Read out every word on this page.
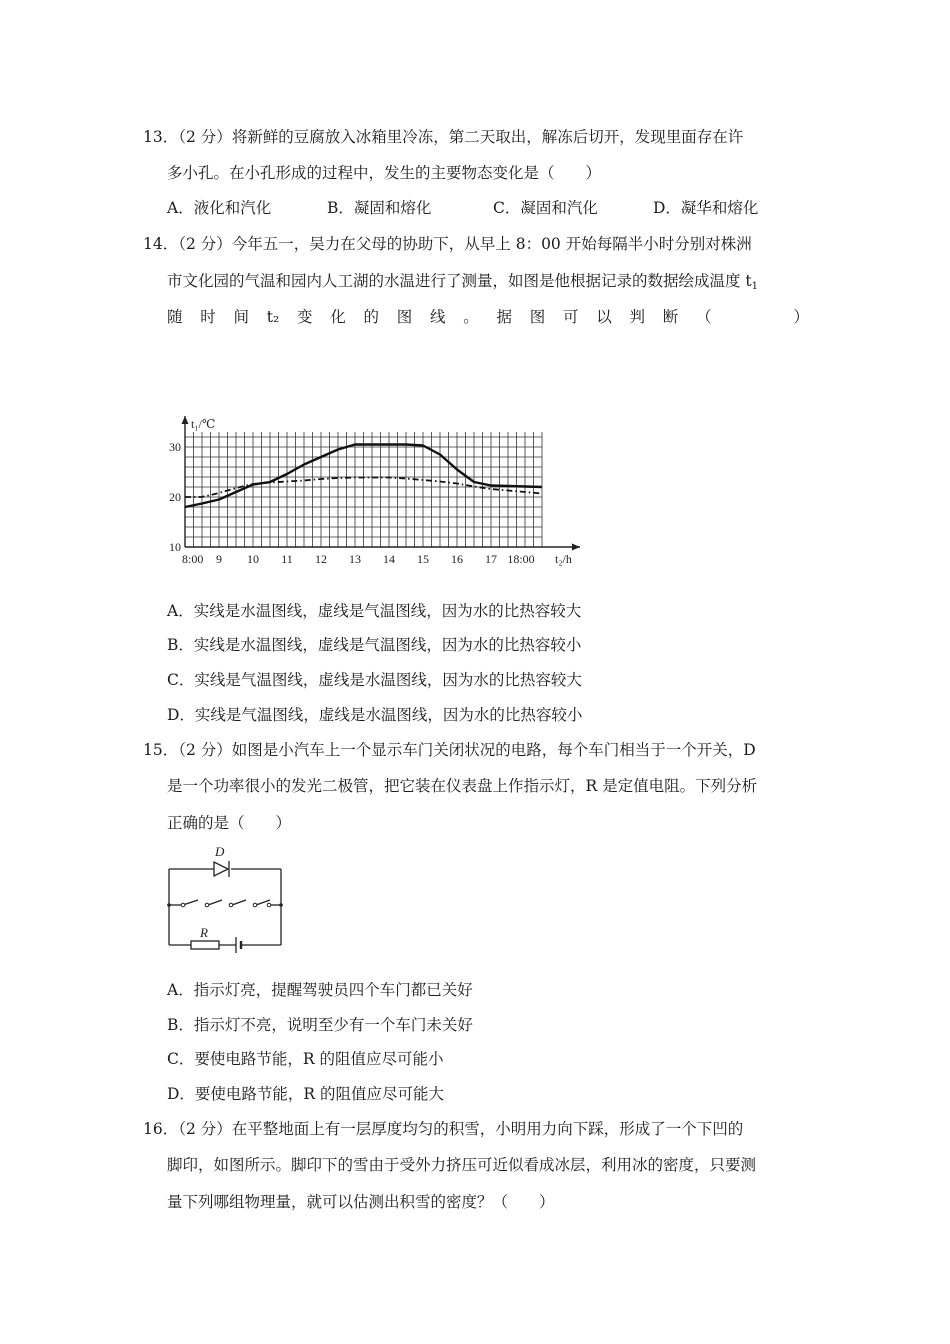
13．（2 分）将新鲜的豆腐放入冰箱里冷冻，第二天取出，解冻后切开，发现里面存在许
多小孔。在小孔形成的过程中，发生的主要物态变化是（　　）
A．液化和汽化	B．凝固和熔化	C．凝固和汽化	D．凝华和熔化
14．（2 分）今年五一，吴力在父母的协助下，从早上 8：00 开始每隔半小时分别对株洲
市文化园的气温和园内人工湖的水温进行了测量，如图是他根据记录的数据绘成温度 $t_1$
随 时 间 t₂ 变 化 的 图 线 。 据 图 可 以 判 断 （
　　　	）
t₁/℃
t₂/h
30
20
10
8:00 9 10 11 12 13 14 15 16 17 18:00
A．实线是水温图线，虚线是气温图线，因为水的比热容较大
B．实线是水温图线，虚线是气温图线，因为水的比热容较小
C．实线是气温图线，虚线是水温图线，因为水的比热容较大
D．实线是气温图线，虚线是水温图线，因为水的比热容较小
15．（2 分）如图是小汽车上一个显示车门关闭状况的电路，每个车门相当于一个开关，D
是一个功率很小的发光二极管，把它装在仪表盘上作指示灯，R 是定值电阻。下列分析
正确的是（　　）
D
R
A．指示灯亮，提醒驾驶员四个车门都已关好
B．指示灯不亮，说明至少有一个车门未关好
C．要使电路节能，R 的阻值应尽可能小
D．要使电路节能，R 的阻值应尽可能大
16．（2 分）在平整地面上有一层厚度均匀的积雪，小明用力向下踩，形成了一个下凹的
脚印，如图所示。脚印下的雪由于受外力挤压可近似看成冰层，利用冰的密度，只要测
量下列哪组物理量，就可以估测出积雪的密度？（　　）
